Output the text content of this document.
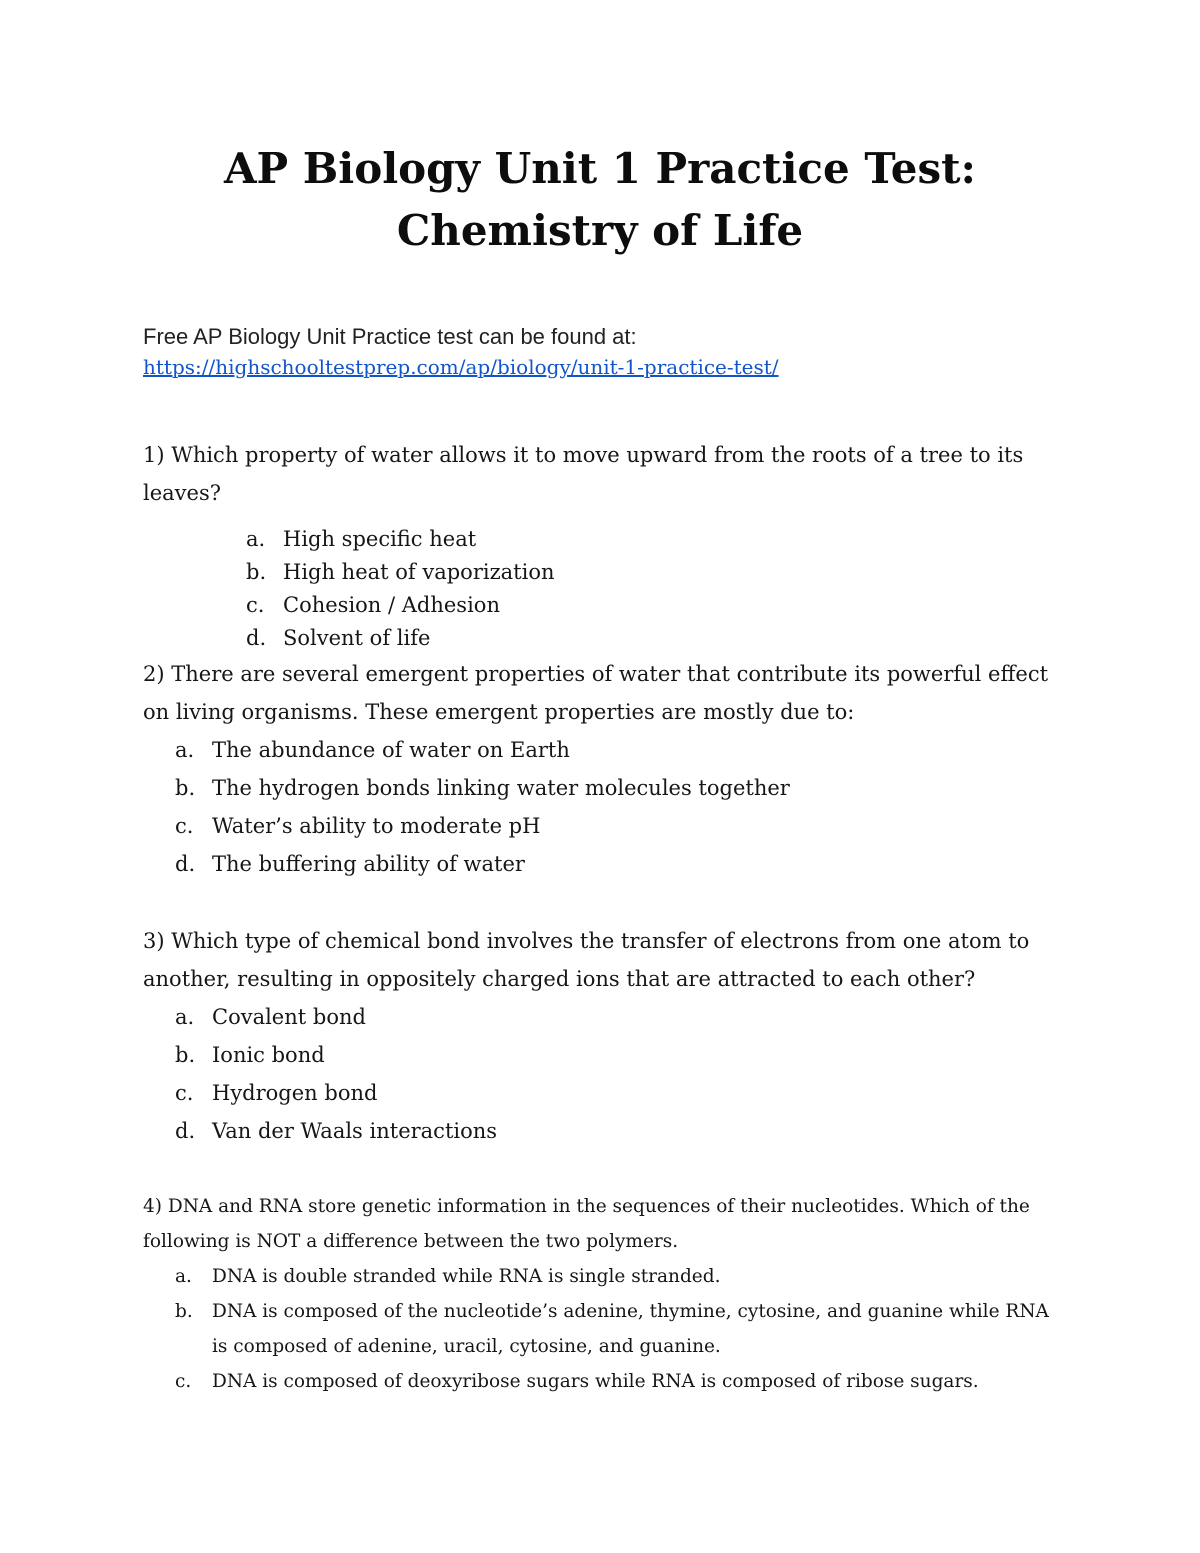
AP Biology Unit 1 Practice Test: Chemistry of Life
Free AP Biology Unit Practice test can be found at:
https://highschooltestprep.com/ap/biology/unit-1-practice-test/

1) Which property of water allows it to move upward from the roots of a tree to its leaves?

a. High specific heat
b. High heat of vaporization
c. Cohesion / Adhesion
d. Solvent of life

2) There are several emergent properties of water that contribute its powerful effect on living organisms. These emergent properties are mostly due to:

a. The abundance of water on Earth
b. The hydrogen bonds linking water molecules together
c. Water’s ability to moderate pH
d. The buffering ability of water

3) Which type of chemical bond involves the transfer of electrons from one atom to another, resulting in oppositely charged ions that are attracted to each other?

a. Covalent bond
b. Ionic bond
c. Hydrogen bond
d. Van der Waals interactions

4) DNA and RNA store genetic information in the sequences of their nucleotides. Which of the following is NOT a difference between the two polymers.

a.	DNA is double stranded while RNA is single stranded.
b.	DNA is composed of the nucleotide’s adenine, thymine, cytosine, and guanine while RNA is composed of adenine, uracil, cytosine, and guanine.
c.	DNA is composed of deoxyribose sugars while RNA is composed of ribose sugars.
